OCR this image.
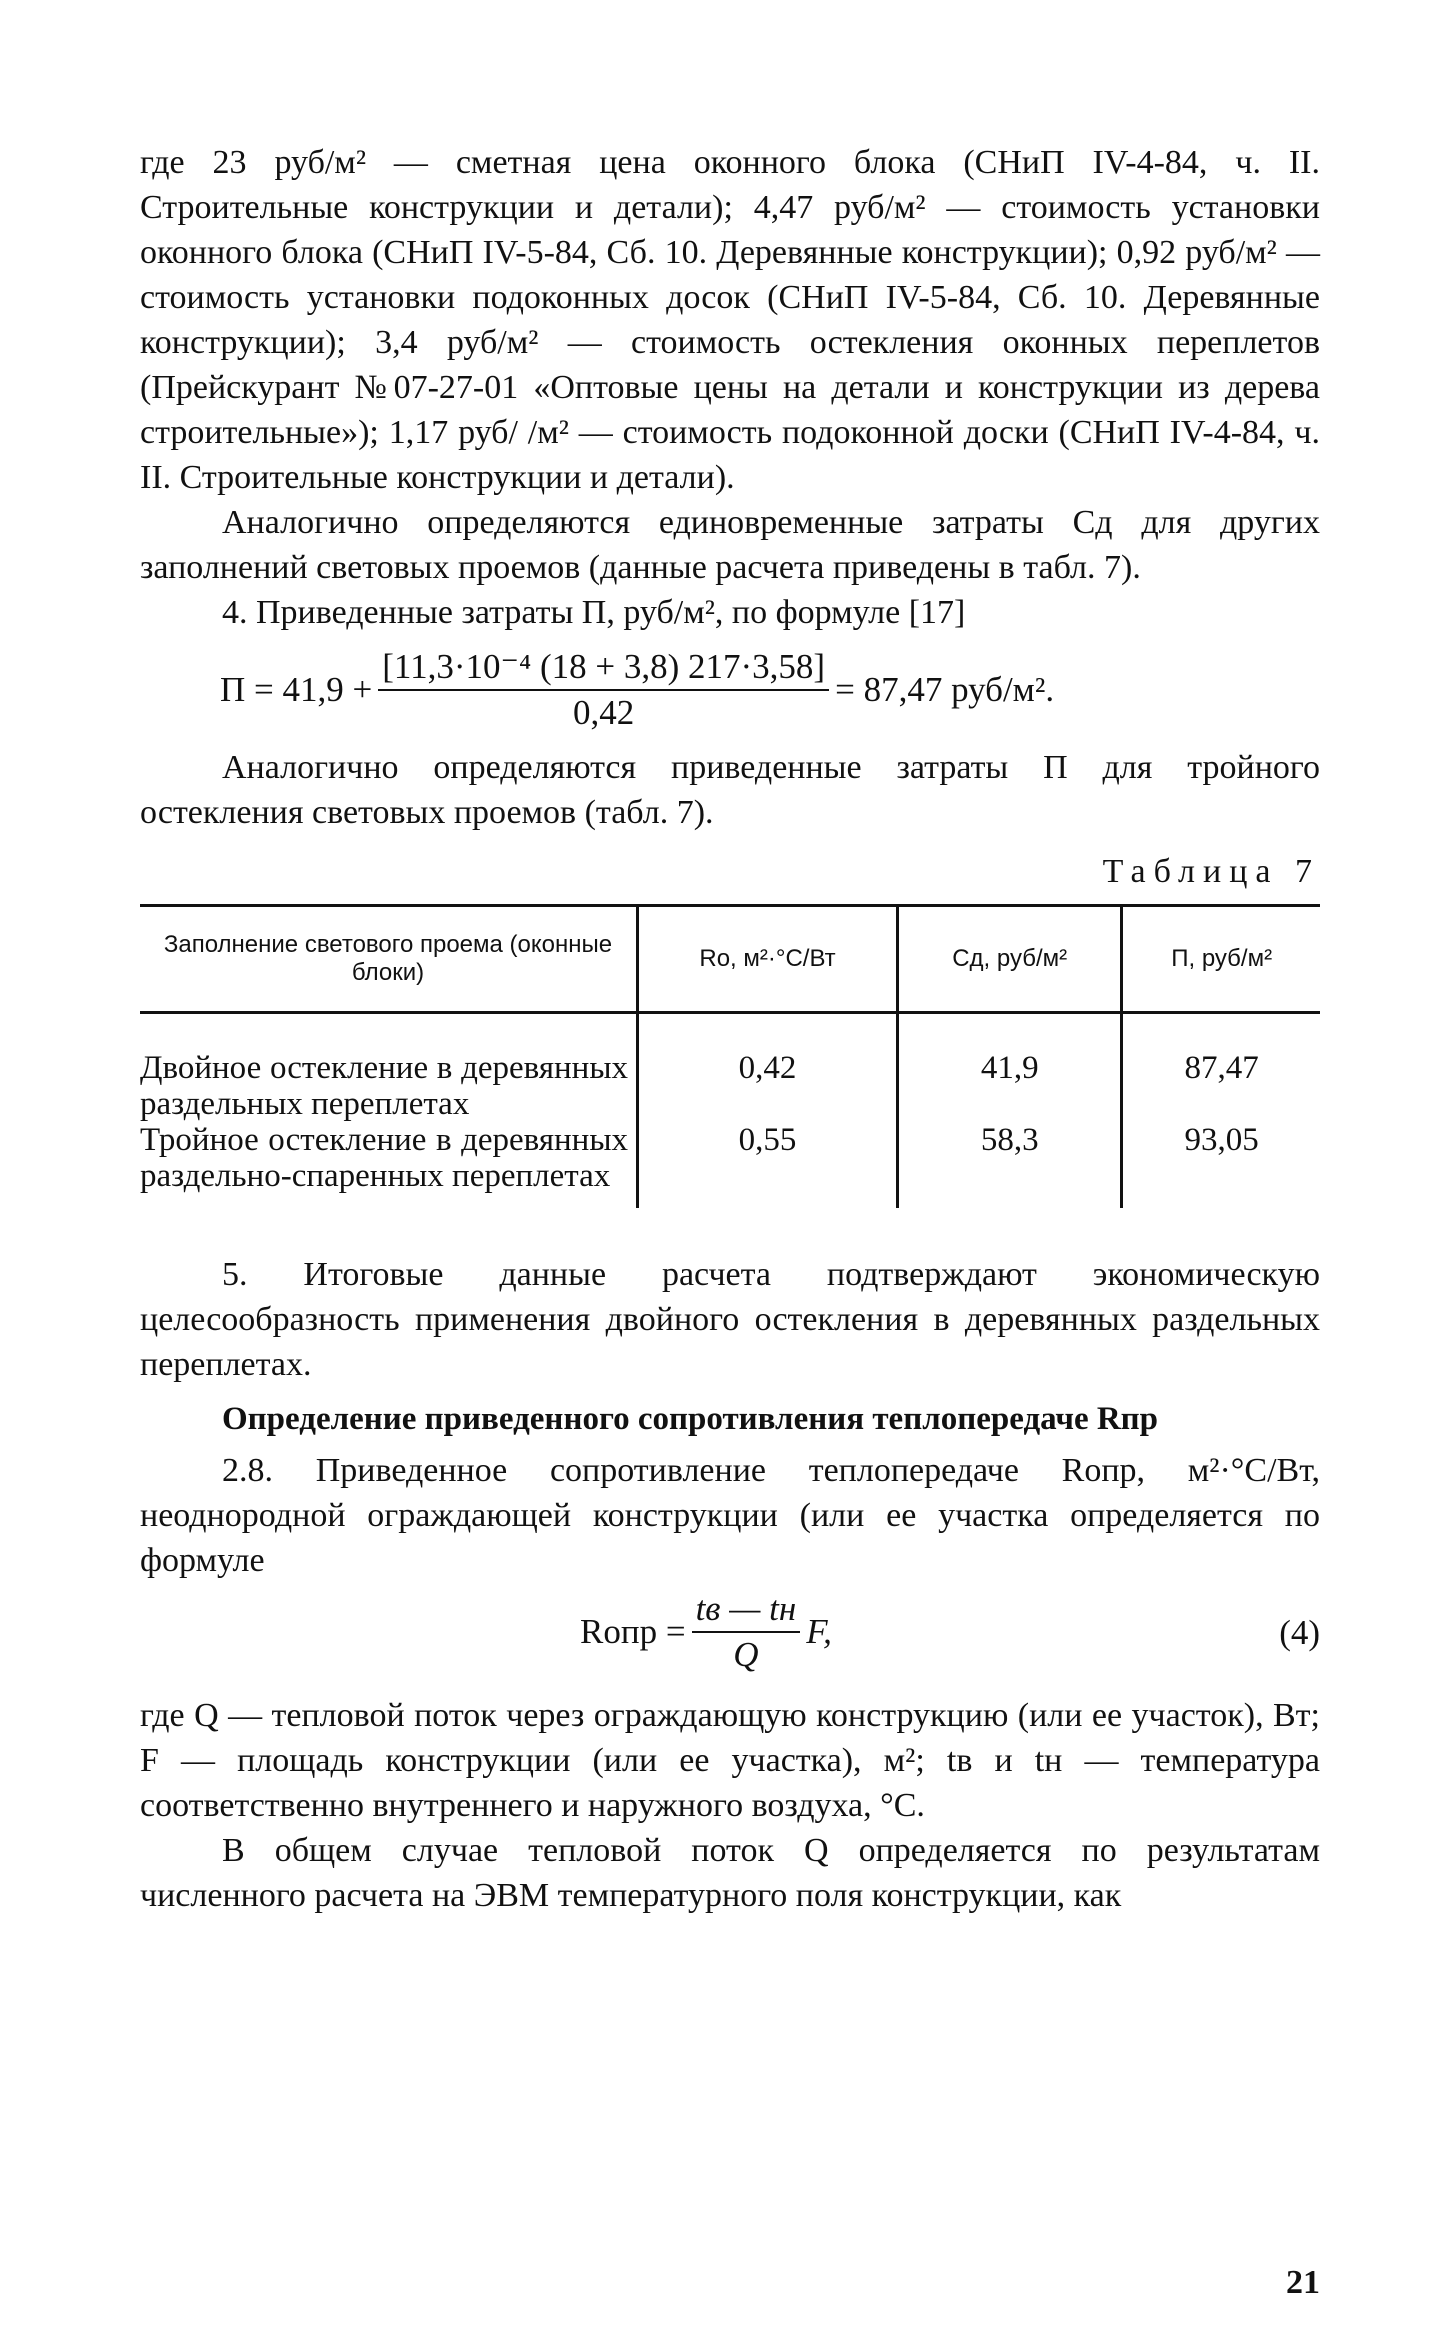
где 23 руб/м² — сметная цена оконного блока (СНиП IV-4-84, ч. II. Строительные конструкции и детали); 4,47 руб/м² — стоимость установки оконного блока (СНиП IV-5-84, Сб. 10. Деревянные конструкции); 0,92 руб/м² — стоимость установки подоконных досок (СНиП IV-5-84, Сб. 10. Деревянные конструкции); 3,4 руб/м² — стоимость остекления оконных переплетов (Прейскурант №07-27-01 «Оптовые цены на детали и конструкции из дерева строительные»); 1,17 руб/ /м² — стоимость подоконной доски (СНиП IV-4-84, ч. II. Строительные конструкции и детали).

Аналогично определяются единовременные затраты Cд для других заполнений световых проемов (данные расчета приведены в табл. 7).

4. Приведенные затраты П, руб/м², по формуле [17]

$П = 41,9 + \frac{\text{[11,3·10⁻⁴ (18 + 3,8) 217·3,58]}}{0,42} = 87,47$ руб/м².

Аналогично определяются приведенные затраты П для тройного остекления световых проемов (табл. 7).

Таблица 7
Заполнение светового проема (оконные блоки)	Rо, м²·°С/Вт	Cд, руб/м²	П, руб/м²
Двойное остекление в деревянных раздельных переплетах	0,42	41,9	87,47
Тройное остекление в деревянных раздельно-спаренных переплетах	0,55	58,3	93,05

5. Итоговые данные расчета подтверждают экономическую целесообразность применения двойного остекления в деревянных раздельных переплетах.

Определение приведенного сопротивления теплопередаче Rпр

2.8. Приведенное сопротивление теплопередаче Rопр, м²·°С/Вт, неоднородной ограждающей конструкции (или ее участка определяется по формуле

Rопр = $\frac{tв — tн}{Q} F$,	(4)

где Q — тепловой поток через ограждающую конструкцию (или ее участок), Вт; F — площадь конструкции (или ее участка), м²; tв и tн — температура соответственно внутреннего и наружного воздуха, °С.

В общем случае тепловой поток Q определяется по результатам численного расчета на ЭВМ температурного поля конструкции, как

21
